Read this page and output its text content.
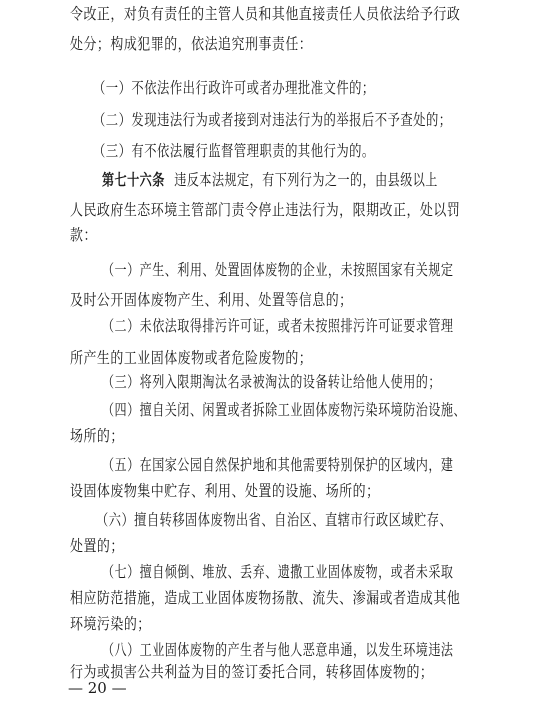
令改正，对负有责任的主管人员和其他直接责任人员依法给予行政
处分；构成犯罪的，依法追究刑事责任：
（一）不依法作出行政许可或者办理批准文件的；
（二）发现违法行为或者接到对违法行为的举报后不予查处的；
（三）有不依法履行监督管理职责的其他行为的。
第七十六条 违反本法规定，有下列行为之一的，由县级以上
人民政府生态环境主管部门责令停止违法行为，限期改正，处以罚
款：
（一）产生、利用、处置固体废物的企业，未按照国家有关规定
及时公开固体废物产生、利用、处置等信息的；
（二）未依法取得排污许可证，或者未按照排污许可证要求管理
所产生的工业固体废物或者危险废物的；
（三）将列入限期淘汰名录被淘汰的设备转让给他人使用的；
（四）擅自关闭、闲置或者拆除工业固体废物污染环境防治设施、
场所的；
（五）在国家公园自然保护地和其他需要特别保护的区域内，建
设固体废物集中贮存、利用、处置的设施、场所的；
（六）擅自转移固体废物出省、自治区、直辖市行政区域贮存、
处置的；
（七）擅自倾倒、堆放、丢弃、遗撒工业固体废物，或者未采取
相应防范措施，造成工业固体废物扬散、流失、渗漏或者造成其他
环境污染的；
（八）工业固体废物的产生者与他人恶意串通，以发生环境违法
行为或损害公共利益为目的签订委托合同，转移固体废物的；
— 20 —
